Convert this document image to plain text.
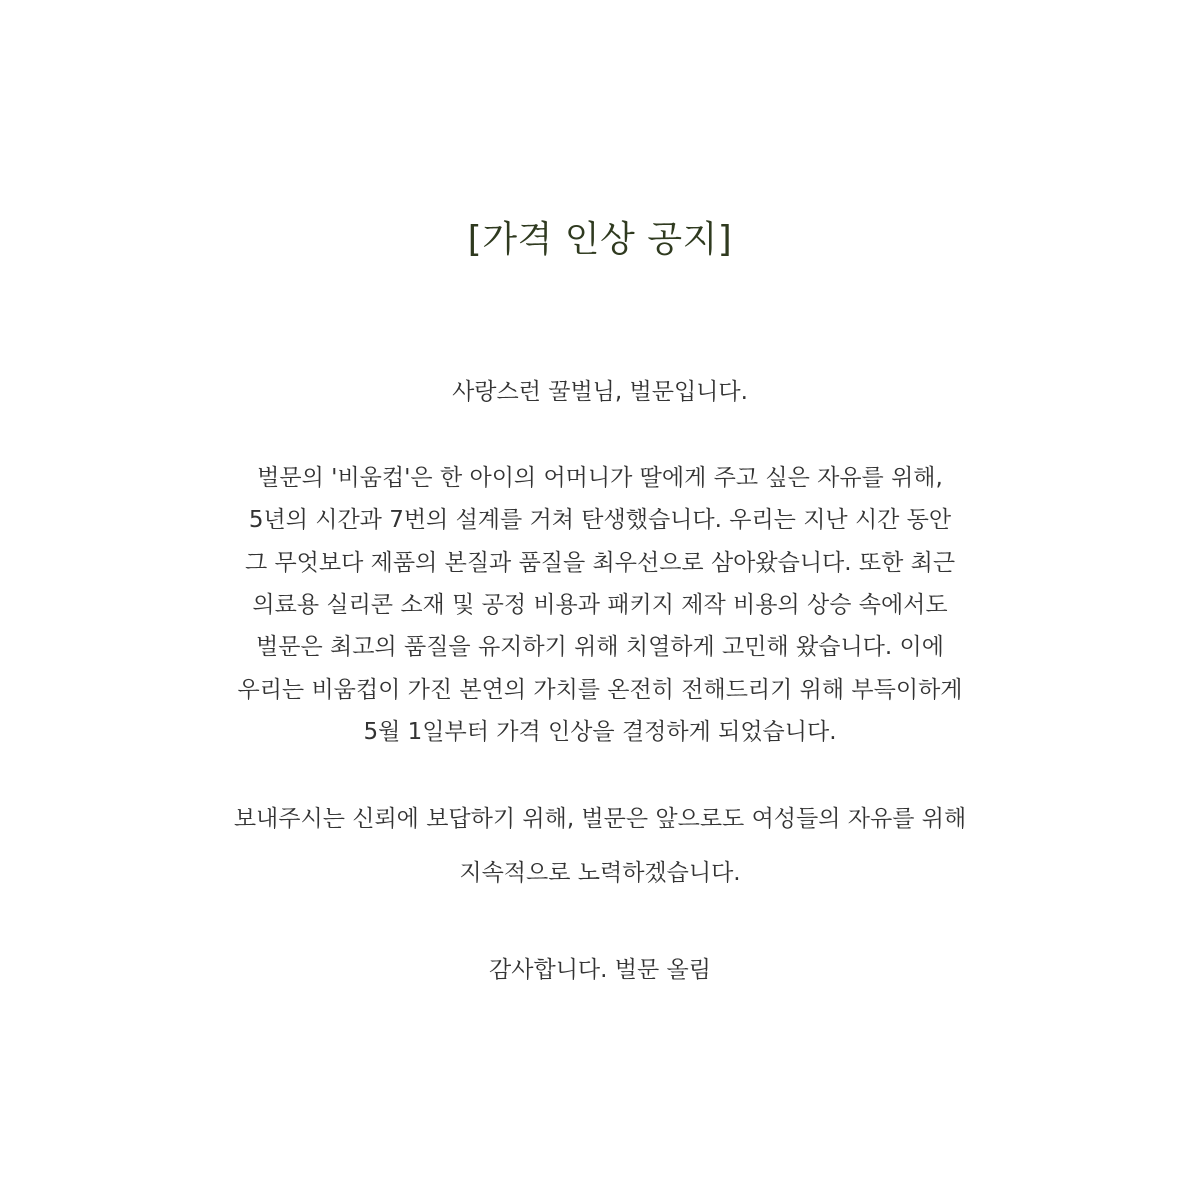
[가격 인상 공지]
사랑스런 꿀벌님, 벌문입니다.
벌문의 '비움컵'은 한 아이의 어머니가 딸에게 주고 싶은 자유를 위해,
5년의 시간과 7번의 설계를 거쳐 탄생했습니다. 우리는 지난 시간 동안
그 무엇보다 제품의 본질과 품질을 최우선으로 삼아왔습니다. 또한 최근
의료용 실리콘 소재 및 공정 비용과 패키지 제작 비용의 상승 속에서도
벌문은 최고의 품질을 유지하기 위해 치열하게 고민해 왔습니다. 이에
우리는 비움컵이 가진 본연의 가치를 온전히 전해드리기 위해 부득이하게
5월 1일부터 가격 인상을 결정하게 되었습니다.
보내주시는 신뢰에 보답하기 위해, 벌문은 앞으로도 여성들의 자유를 위해
지속적으로 노력하겠습니다.
감사합니다. 벌문 올림
